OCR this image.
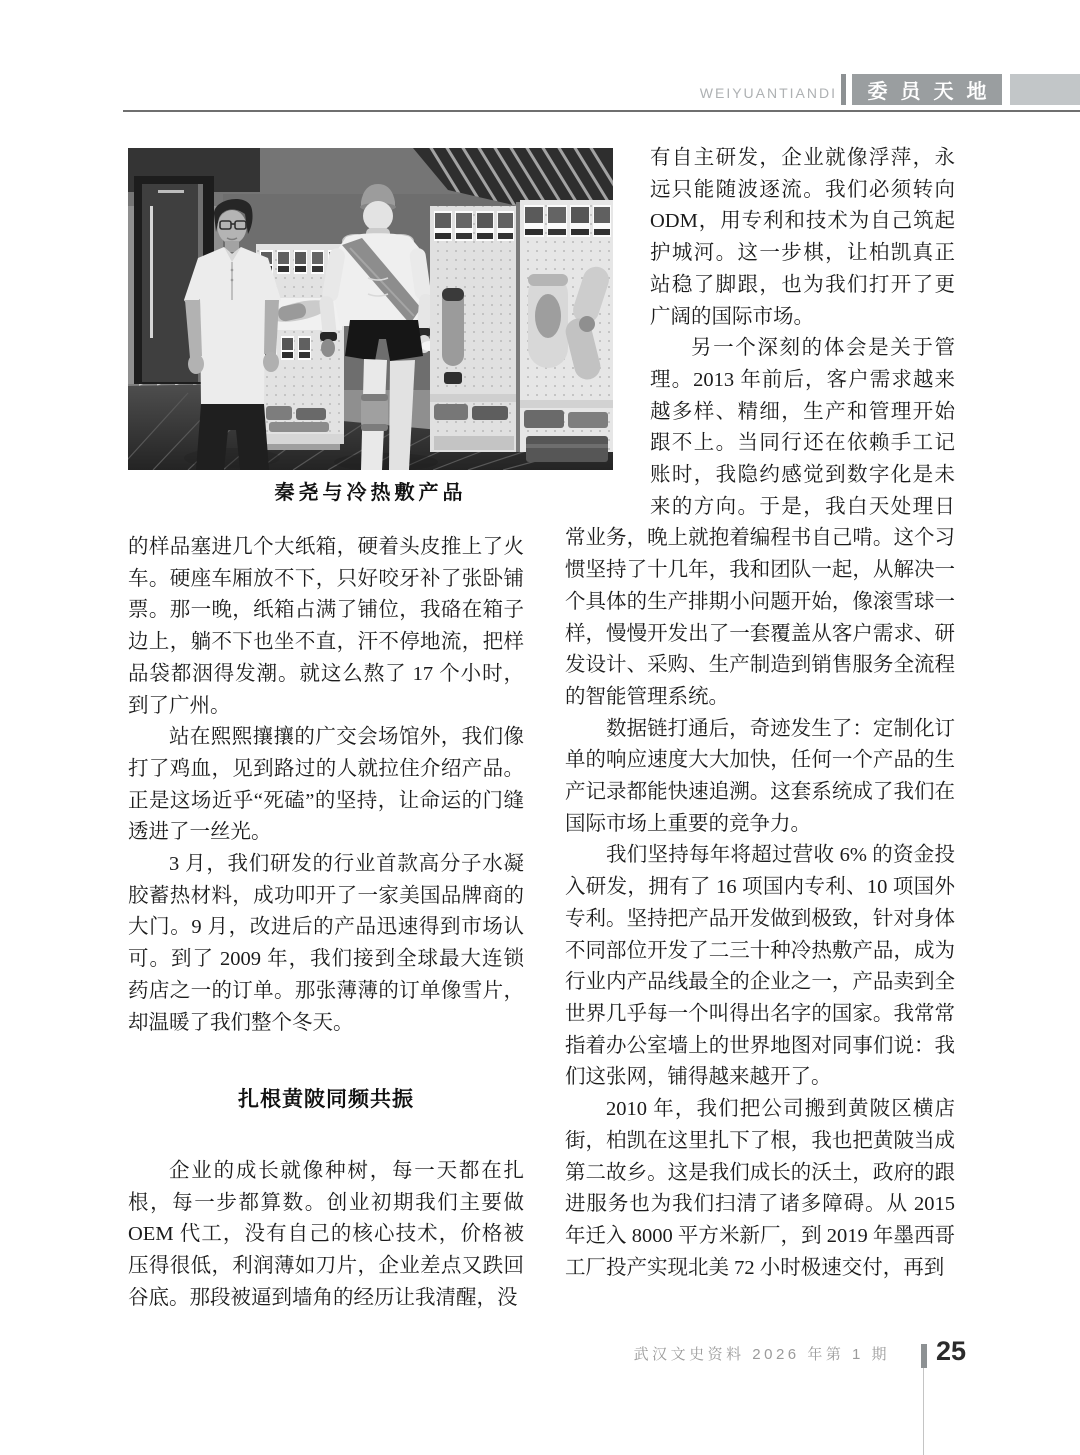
WEIYUANTIANDI	委员天地
秦尧与冷热敷产品

的样品塞进几个大纸箱，硬着头皮推上了火车。硬座车厢放不下，只好咬牙补了张卧铺票。那一晚，纸箱占满了铺位，我硌在箱子边上，躺不下也坐不直，汗不停地流，把样品袋都洇得发潮。就这么熬了 17 个小时，到了广州。

站在熙熙攘攘的广交会场馆外，我们像打了鸡血，见到路过的人就拉住介绍产品。正是这场近乎“死磕”的坚持，让命运的门缝透进了一丝光。

3 月，我们研发的行业首款高分子水凝胶蓄热材料，成功叩开了一家美国品牌商的大门。9 月，改进后的产品迅速得到市场认可。到了 2009 年，我们接到全球最大连锁药店之一的订单。那张薄薄的订单像雪片，却温暖了我们整个冬天。

扎根黄陂同频共振

企业的成长就像种树，每一天都在扎根，每一步都算数。创业初期我们主要做 OEM 代工，没有自己的核心技术，价格被压得很低，利润薄如刀片，企业差点又跌回谷底。那段被逼到墙角的经历让我清醒，没

有自主研发，企业就像浮萍，永远只能随波逐流。我们必须转向 ODM，用专利和技术为自己筑起护城河。这一步棋，让柏凯真正站稳了脚跟，也为我们打开了更广阔的国际市场。

另一个深刻的体会是关于管理。2013 年前后，客户需求越来越多样、精细，生产和管理开始跟不上。当同行还在依赖手工记账时，我隐约感觉到数字化是未来的方向。于是，我白天处理日常业务，晚上就抱着编程书自己啃。这个习惯坚持了十几年，我和团队一起，从解决一个具体的生产排期小问题开始，像滚雪球一样，慢慢开发出了一套覆盖从客户需求、研发设计、采购、生产制造到销售服务全流程的智能管理系统。

数据链打通后，奇迹发生了：定制化订单的响应速度大大加快，任何一个产品的生产记录都能快速追溯。这套系统成了我们在国际市场上重要的竞争力。

我们坚持每年将超过营收 6% 的资金投入研发，拥有了 16 项国内专利、10 项国外专利。坚持把产品开发做到极致，针对身体不同部位开发了二三十种冷热敷产品，成为行业内产品线最全的企业之一，产品卖到全世界几乎每一个叫得出名字的国家。我常常指着办公室墙上的世界地图对同事们说：我们这张网，铺得越来越开了。

2010 年，我们把公司搬到黄陂区横店街，柏凯在这里扎下了根，我也把黄陂当成第二故乡。这是我们成长的沃土，政府的跟进服务也为我们扫清了诸多障碍。从 2015 年迁入 8000 平方米新厂，到 2019 年墨西哥工厂投产实现北美 72 小时极速交付，再到

武汉文史资料 2026 年第 1 期 25
